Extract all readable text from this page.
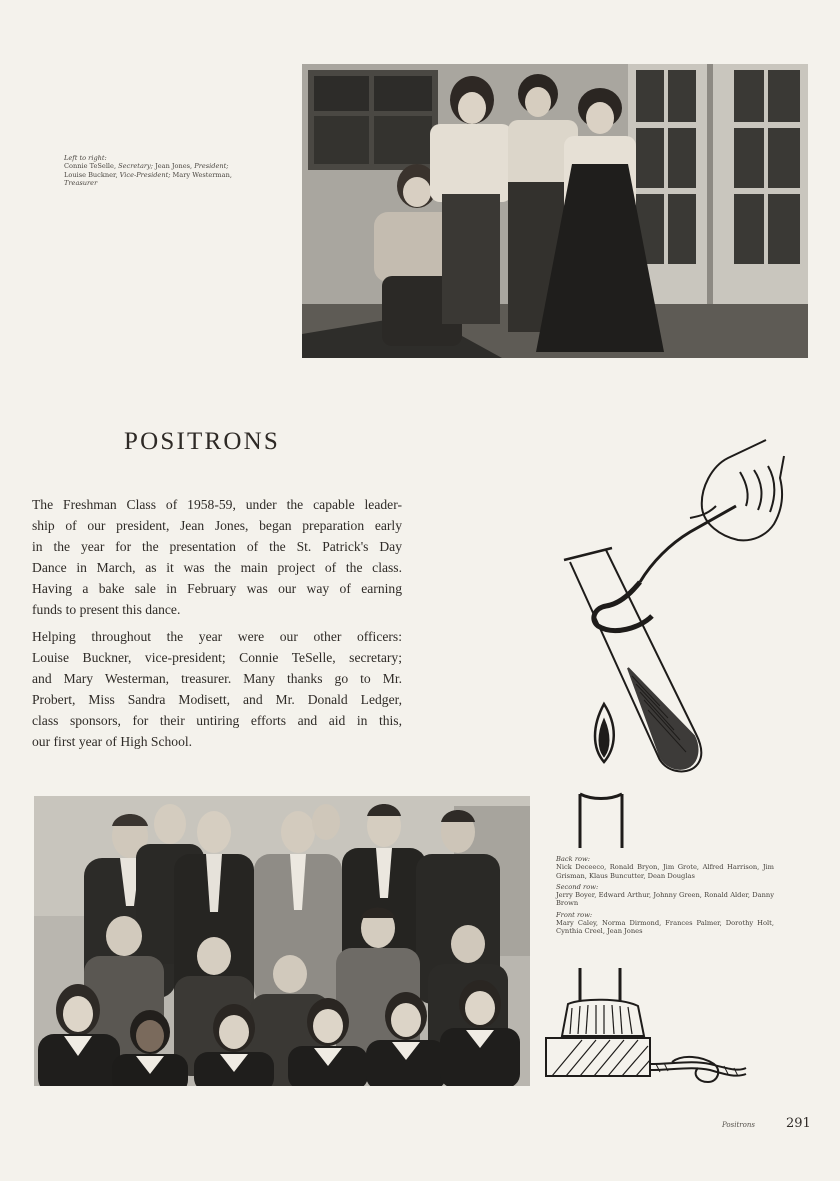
Left to right:
Connie TeSelle, Secretary; Jean Jones, President;
Louise Buckner, Vice-President; Mary Westerman,
Treasurer
POSITRONS

The Freshman Class of 1958-59, under the capable leader-
ship of our president, Jean Jones, began preparation early
in the year for the presentation of the St. Patrick's Day
Dance in March, as it was the main project of the class.
Having a bake sale in February was our way of earning
funds to present this dance.

Helping throughout the year were our other officers:
Louise Buckner, vice-president; Connie TeSelle, secretary;
and Mary Westerman, treasurer. Many thanks go to Mr.
Probert, Miss Sandra Modisett, and Mr. Donald Ledger,
class sponsors, for their untiring efforts and aid in this,
our first year of High School.

Back row:
Nick Deceeco, Ronald Bryon, Jim Grote, Alfred Harrison, Jim Grisman, Klaus Buncutter, Dean Douglas
Second row:
Jerry Boyer, Edward Arthur, Johnny Green, Ronald Alder, Danny Brown
Front row:
Mary Caley, Norma Dirmond, Frances Palmer, Dorothy Holt, Cynthia Creel, Jean Jones
Positrons 291
